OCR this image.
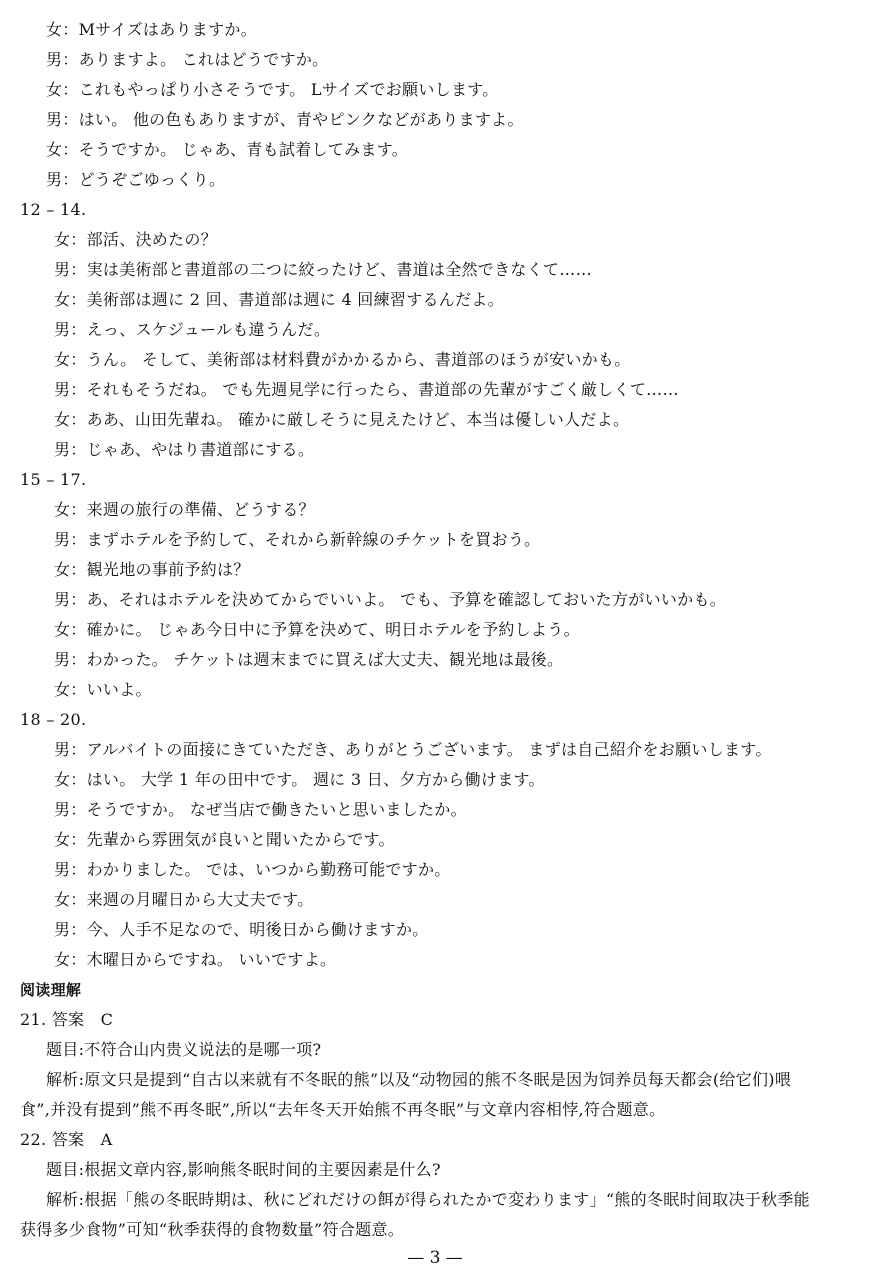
女：Mサイズはありますか。
男：ありますよ。 これはどうですか。
女：これもやっぱり小さそうです。 Lサイズでお願いします。
男：はい。 他の色もありますが、青やピンクなどがありますよ。
女：そうですか。 じゃあ、青も試着してみます。
男：どうぞごゆっくり。
12 – 14.
女：部活、決めたの？
男：実は美術部と書道部の二つに絞ったけど、書道は全然できなくて……
女：美術部は週に 2 回、書道部は週に 4 回練習するんだよ。
男：えっ、スケジュールも違うんだ。
女：うん。 そして、美術部は材料費がかかるから、書道部のほうが安いかも。
男：それもそうだね。 でも先週見学に行ったら、書道部の先輩がすごく厳しくて……
女：ああ、山田先輩ね。 確かに厳しそうに見えたけど、本当は優しい人だよ。
男：じゃあ、やはり書道部にする。
15 – 17.
女：来週の旅行の準備、どうする？
男：まずホテルを予約して、それから新幹線のチケットを買おう。
女：観光地の事前予約は？
男：あ、それはホテルを決めてからでいいよ。 でも、予算を確認しておいた方がいいかも。
女：確かに。 じゃあ今日中に予算を決めて、明日ホテルを予約しよう。
男：わかった。 チケットは週末までに買えば大丈夫、観光地は最後。
女：いいよ。
18 – 20.
男：アルバイトの面接にきていただき、ありがとうございます。 まずは自己紹介をお願いします。
女：はい。 大学 1 年の田中です。 週に 3 日、夕方から働けます。
男：そうですか。 なぜ当店で働きたいと思いましたか。
女：先輩から雰囲気が良いと聞いたからです。
男：わかりました。 では、いつから勤務可能ですか。
女：来週の月曜日から大丈夫です。
男：今、人手不足なので、明後日から働けますか。
女：木曜日からですね。 いいですよ。
阅读理解
21. 答案　C
题目:不符合山内贵义说法的是哪一项?
解析:原文只是提到“自古以来就有不冬眠的熊”以及“动物园的熊不冬眠是因为饲养员每天都会(给它们)喂
食”,并没有提到”熊不再冬眠”,所以“去年冬天开始熊不再冬眠”与文章内容相悖,符合题意。
22. 答案　A
题目:根据文章内容,影响熊冬眠时间的主要因素是什么?
解析:根据「熊の冬眠時期は、秋にどれだけの餌が得られたかで変わります」“熊的冬眠时间取决于秋季能
获得多少食物”可知“秋季获得的食物数量”符合题意。
— 3 —
